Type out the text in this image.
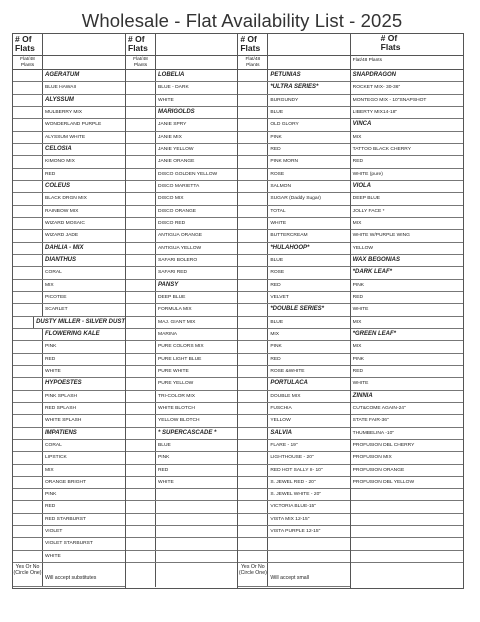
Wholesale - Flat Availability List - 2025
# Of
Flats
Flat/48 Plants
AGERATUM
BLUE HAWAII
ALYSSUM
MULBERRY MIX
WONDERLAND PURPLE
ALYSSUM WHITE
CELOSIA
KIMONO MIX
RED
COLEUS
BLACK DRGN MIX
RAINBOW MIX
WIZARD MOSAIC
WIZARD JADE
DAHLIA - MIX
DIANTHUS
CORAL
MIX
PICOTEE
SCARLET
DUSTY MILLER - SILVER DUST
FLOWERING KALE
PINK
RED
WHITE
HYPOESTES
PINK SPLASH
RED SPLASH
WHITE SPLASH
IMPATIENS
CORAL
LIPSTICK
MIX
ORANGE BRIGHT
PINK
RED
RED STARBURST
VIOLET
VIOLET STARBURST
WHITE
Yes Or No (Circle One)
Will accept substitutes
# Of
Flats
Flat/48 Plants
LOBELIA
BLUE - DARK
WHITE
MARIGOLDS
JANIE SPRY
JANIE MIX
JANIE YELLOW
JANIE ORANGE
DISCO GOLDEN YELLOW
DISCO MARIETTA
DISCO MIX
DISCO ORANGE
DISCO RED
ANTIGUA ORANGE
ANTIGUA YELLOW
SAFARI BOLERO
SAFARI RED
PANSY
DEEP BLUE
FORMULA MIX
MAJ. GIANT MIX
MARINA
PURE COLORS MIX
PURE LIGHT BLUE
PURE WHITE
PURE YELLOW
TRI-COLOR MIX
WHITE BLOTCH
YELLOW BLOTCH
* SUPERCASCADE *
BLUE
PINK
RED
WHITE
# Of
Flats
Flat/48 Plants
PETUNIAS
*ULTRA SERIES*
BURGUNDY
BLUE
OLD GLORY
PINK
RED
PINK MORN
ROSE
SALMON
SUGAR (Daddy Sugar)
TOTAL
WHITE
BUTTERCREAM
*HULAHOOP*
BLUE
ROSE
RED
VELVET
*DOUBLE SERIES*
BLUE
MIX
PINK
RED
ROSE &WHITE
PORTULACA
DOUBLE MIX
FUSCHIA
YELLOW
SALVIA
FLARE - 19"
LIGHTHOUSE - 20"
RED HOT SALLY II- 10"
S. JEWEL RED - 20"
S. JEWEL WHITE - 20"
VICTORIA BLUE-15"
VISTA MIX 12-15"
VISTA PURPLE 12-15"
Yes Or No (Circle One)
Will accept small
# Of
Flats
Flat/48 Plants
SNAPDRAGON
ROCKET MIX- 30-36"
MONTEGO MIX - 10"SNAPSHOT
LIBERTY MIX14-18"
VINCA
MIX
TATTOO BLACK CHERRY
RED
WHITE (pure)
VIOLA
DEEP BLUE
JOLLY FACE *
MIX
WHITE W/PURPLE WING
YELLOW
WAX BEGONIAS
*DARK LEAF*
PINK
RED
WHITE
MIX
*GREEN LEAF*
MIX
PINK
RED
WHITE
ZINNIA
CUT&COME AGAIN-24"
STATE FAIR-36"
THUMBELINA -10"
PROFUSION DBL CHERRY
PROFUSION MIX
PROFUSION ORANGE
PROFUSION DBL YELLOW
